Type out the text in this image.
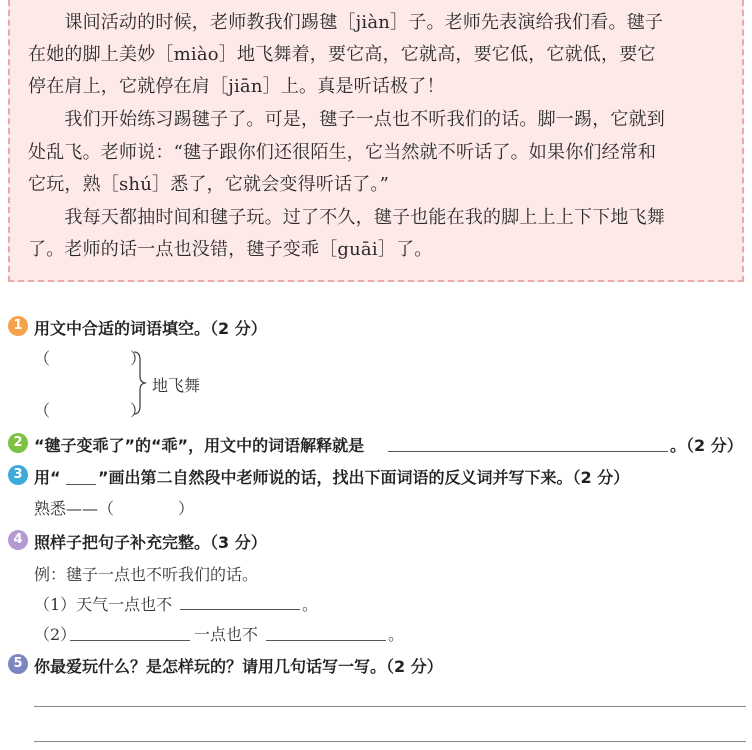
　　课间活动的时候，老师教我们踢毽［jiàn］子。老师先表演给我们看。毽子
在她的脚上美妙［miào］地飞舞着，要它高，它就高，要它低，它就低，要它
停在肩上，它就停在肩［jiān］上。真是听话极了！
　　我们开始练习踢毽子了。可是，毽子一点也不听我们的话。脚一踢，它就到
处乱飞。老师说：“毽子跟你们还很陌生，它当然就不听话了。如果你们经常和
它玩，熟［shú］悉了，它就会变得听话了。”
　　我每天都抽时间和毽子玩。过了不久，毽子也能在我的脚上上上下下地飞舞
了。老师的话一点也没错，毽子变乖［guāi］了。
1 用文中合适的词语填空。（2 分）
（　　　　　）
（　　　　　）
地飞舞
2 “毽子变乖了”的“乖”，用文中的词语解释就是	。（2 分）
3 用“ ”画出第二自然段中老师说的话，找出下面词语的反义词并写下来。（2 分）
熟悉——（　　　　）
4 照样子把句子补充完整。（3 分）
例：毽子一点也不听我们的话。
（1）天气一点也不	。
（2）	一点也不	。
5 你最爱玩什么？是怎样玩的？请用几句话写一写。（2 分）
